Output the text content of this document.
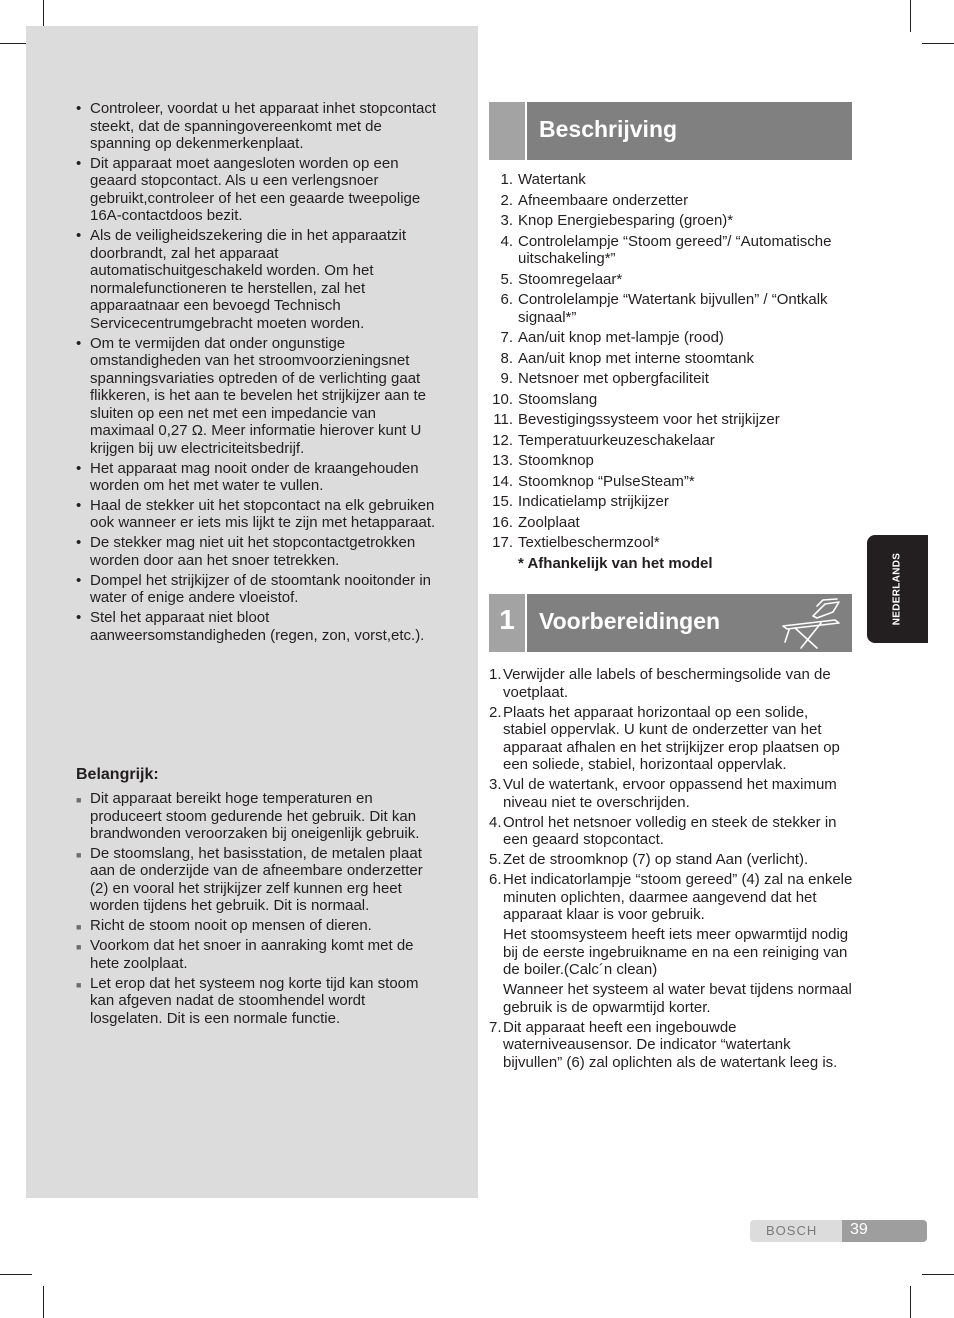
• Controleer, voordat u het apparaat inhet stopcontact steekt, dat de spanningovereenkomt met de spanning op dekenmerkenplaat.
• Dit apparaat moet aangesloten worden op een geaard stopcontact. Als u een verlengsnoer gebruikt,controleer of het een geaarde tweepolige 16A-contactdoos bezit.
• Als de veiligheidszekering die in het apparaatzit doorbrandt, zal het apparaat automatischuitgeschakeld worden. Om het normalefunctioneren te herstellen, zal het apparaatnaar een bevoegd Technisch Servicecentrumgebracht moeten worden.
• Om te vermijden dat onder ongunstige omstandigheden van het stroomvoorzieningsnet spanningsvariaties optreden of de verlichting gaat flikkeren, is het aan te bevelen het strijkijzer aan te sluiten op een net met een impedancie van maximaal 0,27 Ω. Meer informatie hierover kunt U krijgen bij uw electriciteitsbedrijf.
• Het apparaat mag nooit onder de kraangehouden worden om het met water te vullen.
• Haal de stekker uit het stopcontact na elk gebruiken ook wanneer er iets mis lijkt te zijn met hetapparaat.
• De stekker mag niet uit het stopcontactgetrokken worden door aan het snoer tetrekken.
• Dompel het strijkijzer of de stoomtank nooitonder in water of enige andere vloeistof.
• Stel het apparaat niet bloot aanweersomstandigheden (regen, zon, vorst,etc.).
Belangrijk:
■ Dit apparaat bereikt hoge temperaturen en produceert stoom gedurende het gebruik. Dit kan brandwonden veroorzaken bij oneigenlijk gebruik.
■ De stoomslang, het basisstation, de metalen plaat aan de onderzijde van de afneembare onderzetter (2) en vooral het strijkijzer zelf kunnen erg heet worden tijdens het gebruik. Dit is normaal.
■ Richt de stoom nooit op mensen of dieren.
■ Voorkom dat het snoer in aanraking komt met de hete zoolplaat.
■ Let erop dat het systeem nog korte tijd kan stoom kan afgeven nadat de stoomhendel wordt losgelaten. Dit is een normale functie.
Beschrijving
1. Watertank
2. Afneembaare onderzetter
3. Knop Energiebesparing (groen)*
4. Controlelampje “Stoom gereed”/ “Automatische uitschakeling*”
5. Stoomregelaar*
6. Controlelampje “Watertank bijvullen” / “Ontkalk signaal*”
7. Aan/uit knop met-lampje (rood)
8. Aan/uit knop met interne stoomtank
9. Netsnoer met opbergfaciliteit
10. Stoomslang
11. Bevestigingssysteem voor het strijkijzer
12. Temperatuurkeuzeschakelaar
13. Stoomknop
14. Stoomknop “PulseSteam”*
15. Indicatielamp strijkijzer
16. Zoolplaat
17. Textielbeschermzool*
* Afhankelijk van het model
1	Voorbereidingen
1. Verwijder alle labels of beschermingsolide van de voetplaat.

2. Plaats het apparaat horizontaal op een solide, stabiel oppervlak. U kunt de onderzetter van het apparaat afhalen en het strijkijzer erop plaatsen op een soliede, stabiel, horizontaal oppervlak.

3. Vul de watertank, ervoor oppassend het maximum niveau niet te overschrijden.

4. Ontrol het netsnoer volledig en steek de stekker in een geaard stopcontact.

5. Zet de stroomknop (7) op stand Aan (verlicht).

6. Het indicatorlampje “stoom gereed” (4) zal na enkele minuten oplichten, daarmee aangevend dat het apparaat klaar is voor gebruik.

Het stoomsysteem heeft iets meer opwarmtijd nodig bij de eerste ingebruikname en na een reiniging van de boiler.(Calc´n clean)

Wanneer het systeem al water bevat tijdens normaal gebruik is de opwarmtijd korter.

7. Dit apparaat heeft een ingebouwde waterniveausensor. De indicator “watertank bijvullen” (6) zal oplichten als de watertank leeg is.

NEDERLANDS
BOSCH 39
